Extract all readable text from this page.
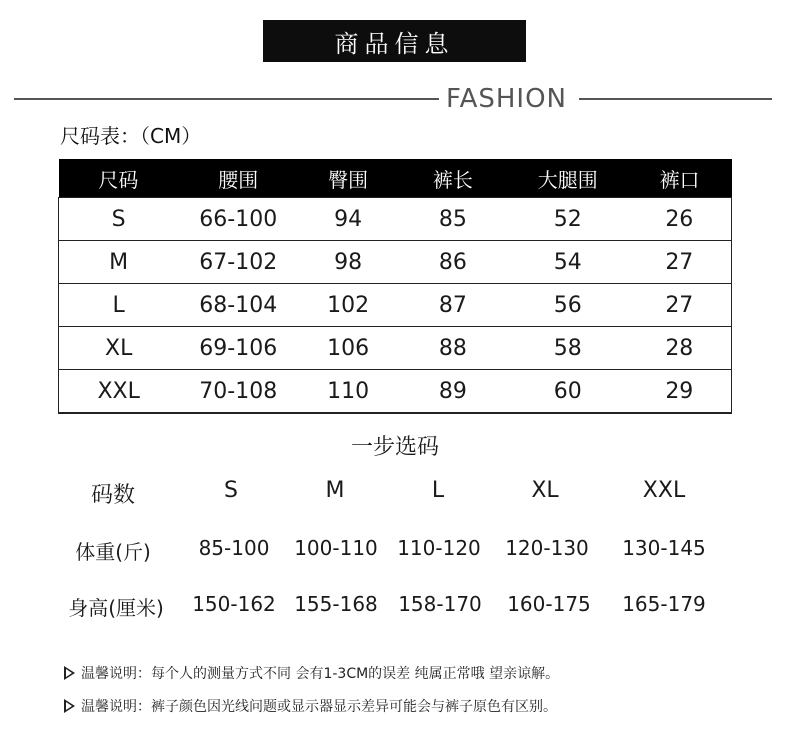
商品信息
FASHION
尺码表：（CM）
尺码	腰围	臀围	裤长	大腿围	裤口
S	66-100	94	85	52	26
M	67-102	98	86	54	27
L	68-104	102	87	56	27
XL	69-106	106	88	58	28
XXL	70-108	110	89	60	29
一步选码
码数	S	M	L	XL	XXL
体重(斤) 85-100 100-110 110-120 120-130 130-145
身高(厘米) 150-162 155-168 158-170 160-175 165-179
温馨说明：每个人的测量方式不同 会有1-3CM的误差 纯属正常哦 望亲谅解。
温馨说明：裤子颜色因光线问题或显示器显示差异可能会与裤子原色有区别。
